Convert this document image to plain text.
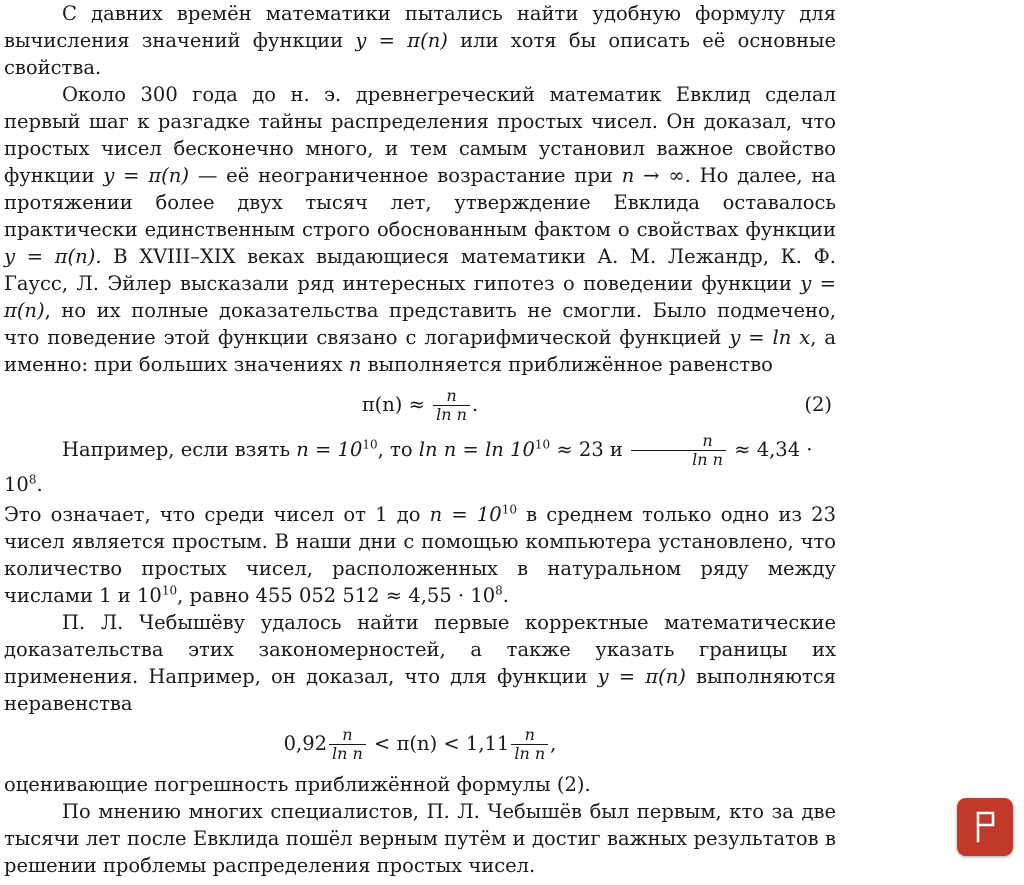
С давних времён математики пытались найти удобную формулу для вычисления значений функции y = π(n) или хотя бы описать её основные свойства.

Около 300 года до н. э. древнегреческий математик Евклид сделал первый шаг к разгадке тайны распределения простых чисел. Он доказал, что простых чисел бесконечно много, и тем самым установил важное свойство функции y = π(n) — её неограниченное возрастание при n → ∞. Но далее, на протяжении более двух тысяч лет, утверждение Евклида оставалось практически единственным строго обоснованным фактом о свойствах функции y = π(n). В XVIII–XIX веках выдающиеся математики А. М. Лежандр, К. Ф. Гаусс, Л. Эйлер высказали ряд интересных гипотез о поведении функции y = π(n), но их полные доказательства представить не смогли. Было подмечено, что поведение этой функции связано с логарифмической функцией y = ln x, а именно: при больших значениях n выполняется приближённое равенство

$\pi(n) \approx \frac{n}{\text{ln n}}$ .	(2)

Например, если взять $n = 10^{10}$, то $\ln n = \ln 10^{10} \approx 23$ и $\frac{n}{\text{ln n}} \approx 4,34 \cdot 10^8$.

Это означает, что среди чисел от 1 до $n = 10^{10}$ в среднем только одно из 23 чисел является простым. В наши дни с помощью компьютера установлено, что количество простых чисел, расположенных в натуральном ряду между числами 1 и $10^{10}$, равно 455 052 $512 \approx 4,55 \cdot 10^8$.

П. Л. Чебышёву удалось найти первые корректные математические доказательства этих закономерностей, а также указать границы их применения. Например, он доказал, что для функции y = π(n) выполняются неравенства

$0,92 \frac{n}{\text{ln n}} < \pi(n) < 1,11 \frac{n}{\text{ln n}}$ ,

оценивающие погрешность приближённой формулы (2).

По мнению многих специалистов, П. Л. Чебышёв был первым, кто за две тысячи лет после Евклида пошёл верным путём и достиг важных результатов в решении проблемы распределения простых чисел.
